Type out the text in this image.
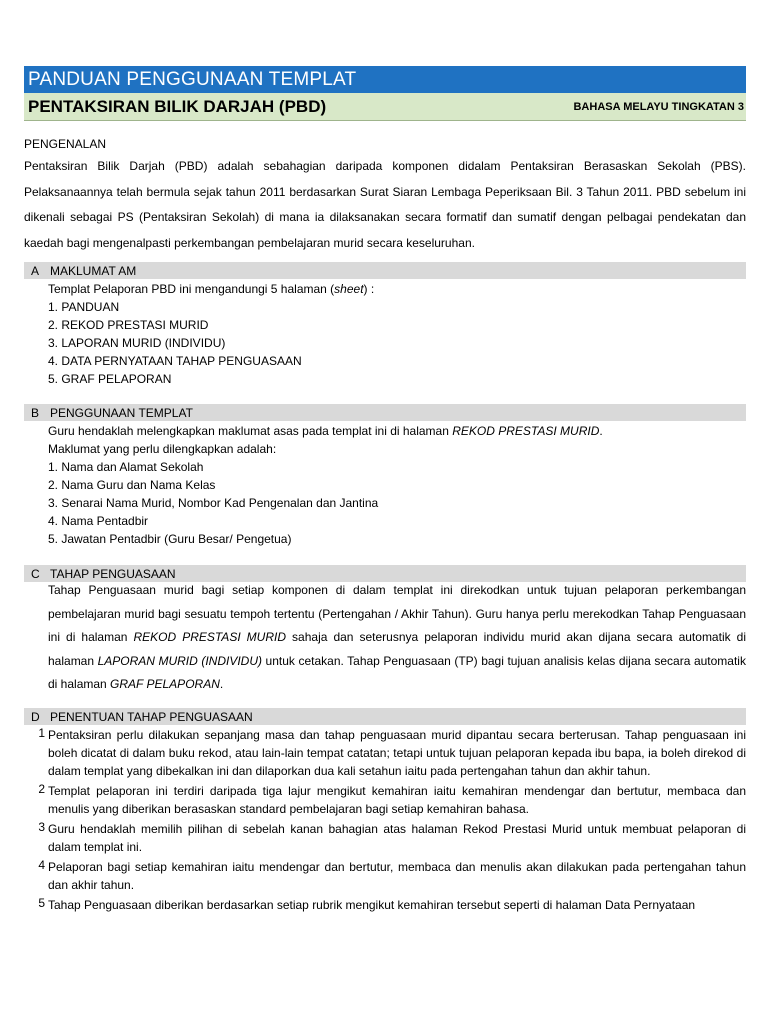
PANDUAN PENGGUNAAN TEMPLAT
PENTAKSIRAN BILIK DARJAH (PBD)	BAHASA MELAYU TINGKATAN 3
PENGENALAN
Pentaksiran Bilik Darjah (PBD) adalah sebahagian daripada komponen didalam Pentaksiran Berasaskan Sekolah (PBS). Pelaksanaannya telah bermula sejak tahun 2011 berdasarkan Surat Siaran Lembaga Peperiksaan Bil. 3 Tahun 2011. PBD sebelum ini dikenali sebagai PS (Pentaksiran Sekolah) di mana ia dilaksanakan secara formatif dan sumatif dengan pelbagai pendekatan dan kaedah bagi mengenalpasti perkembangan pembelajaran murid secara keseluruhan.
A MAKLUMAT AM
Templat Pelaporan PBD ini mengandungi 5 halaman (sheet) :
1. PANDUAN
2. REKOD PRESTASI MURID
3. LAPORAN MURID (INDIVIDU)
4. DATA PERNYATAAN TAHAP PENGUASAAN
5. GRAF PELAPORAN
B PENGGUNAAN TEMPLAT
Guru hendaklah melengkapkan maklumat asas pada templat ini di halaman REKOD PRESTASI MURID.
Maklumat yang perlu dilengkapkan adalah:
1. Nama dan Alamat Sekolah
2. Nama Guru dan Nama Kelas
3. Senarai Nama Murid, Nombor Kad Pengenalan dan Jantina
4. Nama Pentadbir
5. Jawatan Pentadbir (Guru Besar/ Pengetua)
C TAHAP PENGUASAAN
Tahap Penguasaan murid bagi setiap komponen di dalam templat ini direkodkan untuk tujuan pelaporan perkembangan pembelajaran murid bagi sesuatu tempoh tertentu (Pertengahan / Akhir Tahun). Guru hanya perlu merekodkan Tahap Penguasaan ini di halaman REKOD PRESTASI MURID sahaja dan seterusnya pelaporan individu murid akan dijana secara automatik di halaman LAPORAN MURID (INDIVIDU) untuk cetakan. Tahap Penguasaan (TP) bagi tujuan analisis kelas dijana secara automatik di halaman GRAF PELAPORAN.
D PENENTUAN TAHAP PENGUASAAN
1 Pentaksiran perlu dilakukan sepanjang masa dan tahap penguasaan murid dipantau secara berterusan. Tahap penguasaan ini boleh dicatat di dalam buku rekod, atau lain-lain tempat catatan; tetapi untuk tujuan pelaporan kepada ibu bapa, ia boleh direkod di dalam templat yang dibekalkan ini dan dilaporkan dua kali setahun iaitu pada pertengahan tahun dan akhir tahun.
2 Templat pelaporan ini terdiri daripada tiga lajur mengikut kemahiran iaitu kemahiran mendengar dan bertutur, membaca dan menulis yang diberikan berasaskan standard pembelajaran bagi setiap kemahiran bahasa.
3 Guru hendaklah memilih pilihan di sebelah kanan bahagian atas halaman Rekod Prestasi Murid untuk membuat pelaporan di dalam templat ini.
4 Pelaporan bagi setiap kemahiran iaitu mendengar dan bertutur, membaca dan menulis akan dilakukan pada pertengahan tahun dan akhir tahun.
5 Tahap Penguasaan diberikan berdasarkan setiap rubrik mengikut kemahiran tersebut seperti di halaman Data Pernyataan
